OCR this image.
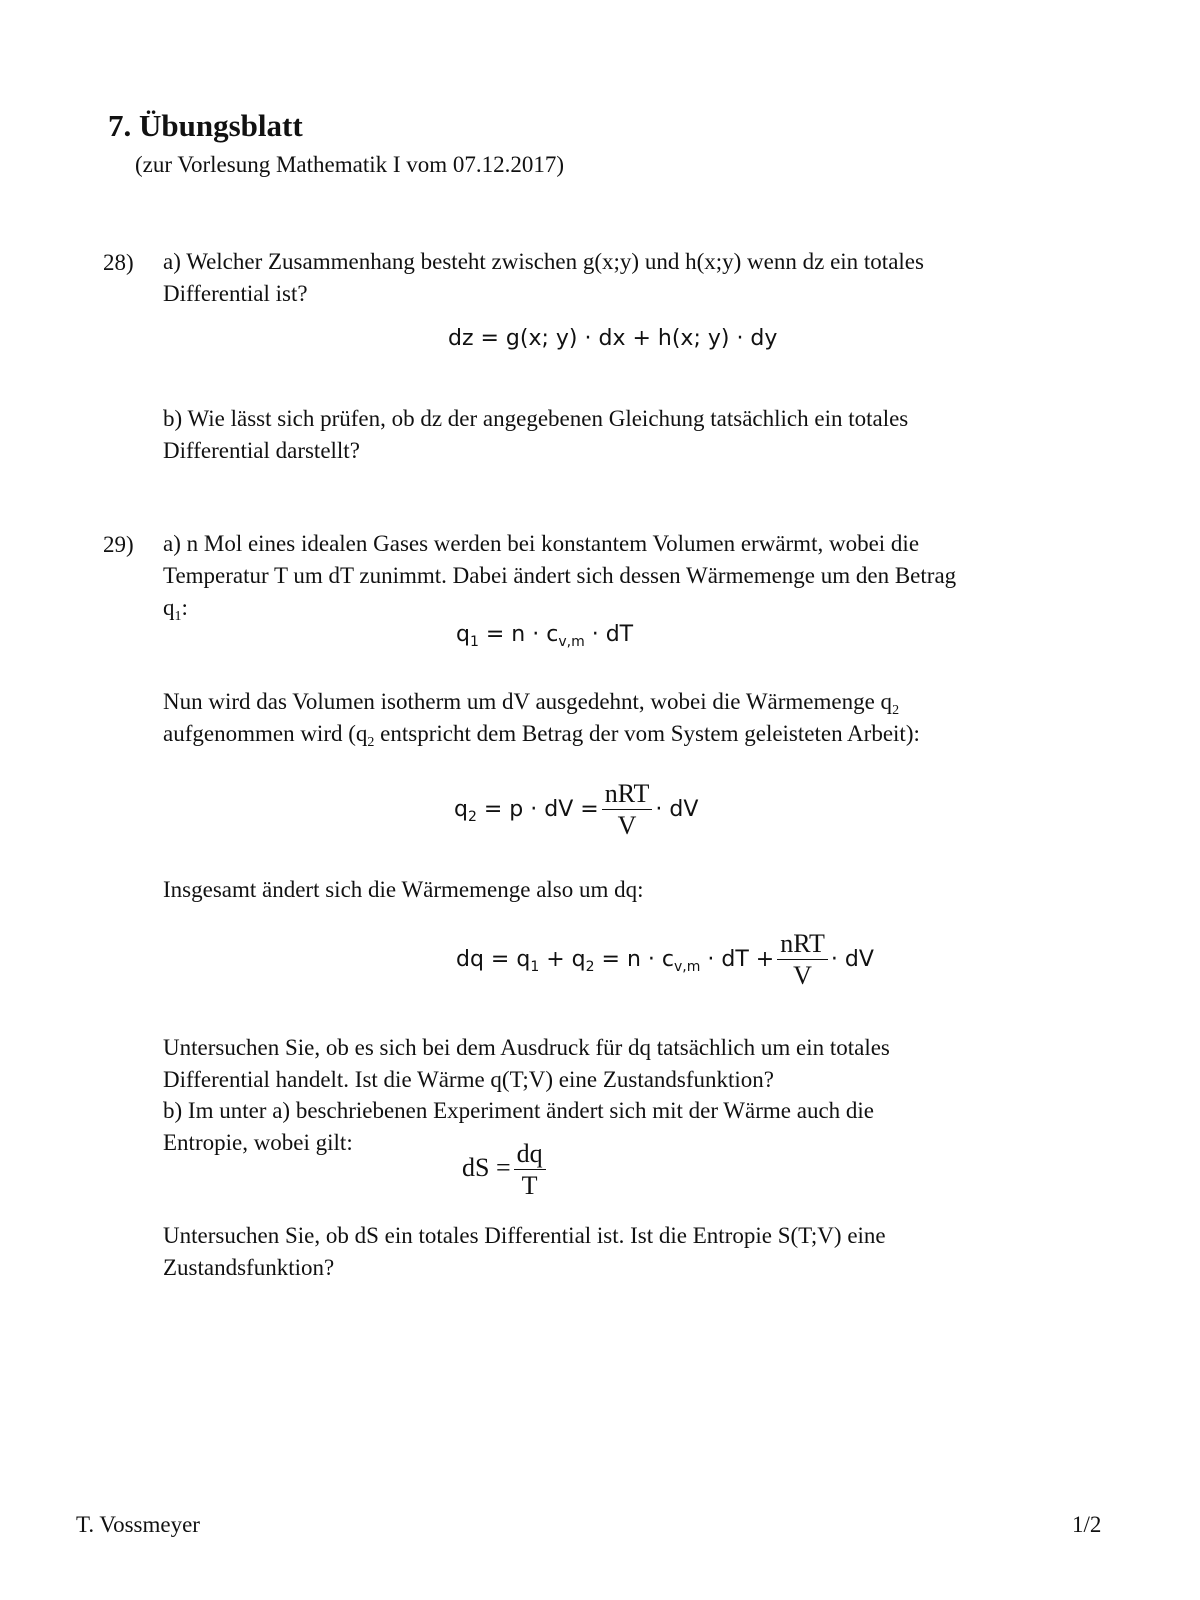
7. Übungsblatt
(zur Vorlesung Mathematik I vom 07.12.2017)
28) a) Welcher Zusammenhang besteht zwischen g(x;y) und h(x;y) wenn dz ein totales
Differential ist?
dz = g(x; y) · dx + h(x; y) · dy
b) Wie lässt sich prüfen, ob dz der angegebenen Gleichung tatsächlich ein totales
Differential darstellt?
29) a) n Mol eines idealen Gases werden bei konstantem Volumen erwärmt, wobei die
Temperatur T um dT zunimmt. Dabei ändert sich dessen Wärmemenge um den Betrag
$q_1$:
$q_1 = n \cdot c_{v,m}$ · dT
Nun wird das Volumen isotherm um dV ausgedehnt, wobei die Wärmemenge $q_2$
aufgenommen wird ($q_2$ entspricht dem Betrag der vom System geleisteten Arbeit):
$q_2 = p$ · dV = $\frac{\text{nRT}}{V}$ · dV
Insgesamt ändert sich die Wärmemenge also um dq:
dq = $q_1 + q_2 = n \cdot c_{v,m}$ · dT + $\frac{\text{nRT}}{V}$ · dV
Untersuchen Sie, ob es sich bei dem Ausdruck für dq tatsächlich um ein totales
Differential handelt. Ist die Wärme q(T;V) eine Zustandsfunktion?
b) Im unter a) beschriebenen Experiment ändert sich mit der Wärme auch die
Entropie, wobei gilt:
dS = $\frac{dq}{T}$
Untersuchen Sie, ob dS ein totales Differential ist. Ist die Entropie S(T;V) eine
Zustandsfunktion?
T. Vossmeyer	1/2
